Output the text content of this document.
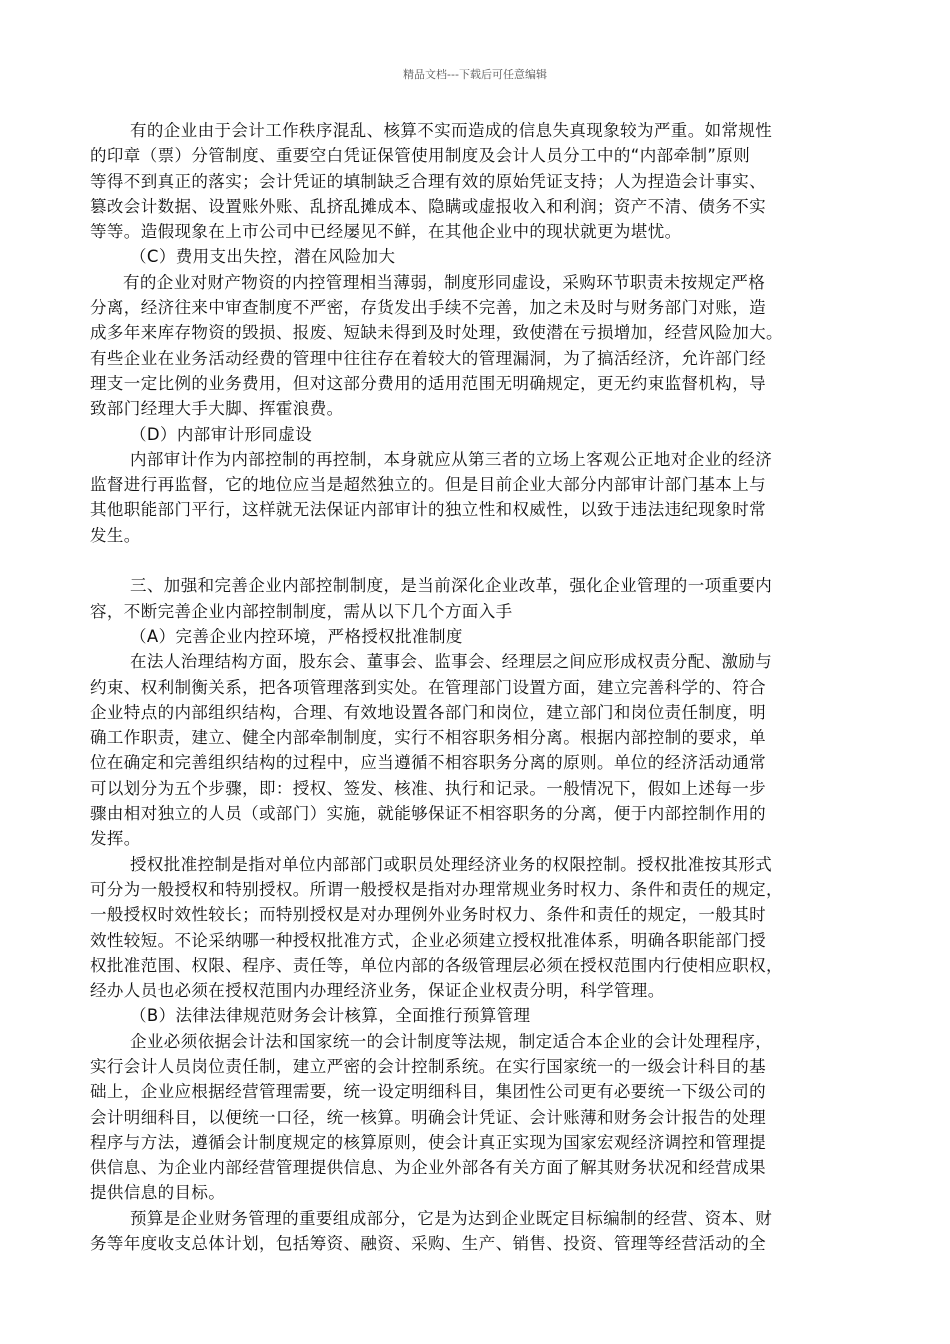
精品文档---下载后可任意编辑
有的企业由于会计工作秩序混乱、核算不实而造成的信息失真现象较为严重。如常规性
的印章（票）分管制度、重要空白凭证保管使用制度及会计人员分工中的“内部牵制”原则
等得不到真正的落实；会计凭证的填制缺乏合理有效的原始凭证支持；人为捏造会计事实、
篡改会计数据、设置账外账、乱挤乱摊成本、隐瞒或虚报收入和利润；资产不清、债务不实
等等。造假现象在上市公司中已经屡见不鲜，在其他企业中的现状就更为堪忧。
（C）费用支出失控，潜在风险加大
有的企业对财产物资的内控管理相当薄弱，制度形同虚设，采购环节职责未按规定严格
分离，经济往来中审查制度不严密，存货发出手续不完善，加之未及时与财务部门对账，造
成多年来库存物资的毁损、报废、短缺未得到及时处理，致使潜在亏损增加，经营风险加大。
有些企业在业务活动经费的管理中往往存在着较大的管理漏洞，为了搞活经济，允许部门经
理支一定比例的业务费用，但对这部分费用的适用范围无明确规定，更无约束监督机构，导
致部门经理大手大脚、挥霍浪费。
（D）内部审计形同虚设
内部审计作为内部控制的再控制，本身就应从第三者的立场上客观公正地对企业的经济
监督进行再监督，它的地位应当是超然独立的。但是目前企业大部分内部审计部门基本上与
其他职能部门平行，这样就无法保证内部审计的独立性和权威性，以致于违法违纪现象时常
发生。
三、加强和完善企业内部控制制度，是当前深化企业改革，强化企业管理的一项重要内
容，不断完善企业内部控制制度，需从以下几个方面入手
（A）完善企业内控环境，严格授权批准制度
在法人治理结构方面，股东会、董事会、监事会、经理层之间应形成权责分配、激励与
约束、权利制衡关系，把各项管理落到实处。在管理部门设置方面，建立完善科学的、符合
企业特点的内部组织结构，合理、有效地设置各部门和岗位，建立部门和岗位责任制度，明
确工作职责，建立、健全内部牵制制度，实行不相容职务相分离。根据内部控制的要求，单
位在确定和完善组织结构的过程中，应当遵循不相容职务分离的原则。单位的经济活动通常
可以划分为五个步骤，即：授权、签发、核准、执行和记录。一般情况下，假如上述每一步
骤由相对独立的人员（或部门）实施，就能够保证不相容职务的分离，便于内部控制作用的
发挥。
授权批准控制是指对单位内部部门或职员处理经济业务的权限控制。授权批准按其形式
可分为一般授权和特别授权。所谓一般授权是指对办理常规业务时权力、条件和责任的规定，
一般授权时效性较长；而特别授权是对办理例外业务时权力、条件和责任的规定，一般其时
效性较短。不论采纳哪一种授权批准方式，企业必须建立授权批准体系，明确各职能部门授
权批准范围、权限、程序、责任等，单位内部的各级管理层必须在授权范围内行使相应职权，
经办人员也必须在授权范围内办理经济业务，保证企业权责分明，科学管理。
（B）法律法律规范财务会计核算，全面推行预算管理
企业必须依据会计法和国家统一的会计制度等法规，制定适合本企业的会计处理程序，
实行会计人员岗位责任制，建立严密的会计控制系统。在实行国家统一的一级会计科目的基
础上，企业应根据经营管理需要，统一设定明细科目，集团性公司更有必要统一下级公司的
会计明细科目，以便统一口径，统一核算。明确会计凭证、会计账薄和财务会计报告的处理
程序与方法，遵循会计制度规定的核算原则，使会计真正实现为国家宏观经济调控和管理提
供信息、为企业内部经营管理提供信息、为企业外部各有关方面了解其财务状况和经营成果
提供信息的目标。
预算是企业财务管理的重要组成部分，它是为达到企业既定目标编制的经营、资本、财
务等年度收支总体计划，包括筹资、融资、采购、生产、销售、投资、管理等经营活动的全
